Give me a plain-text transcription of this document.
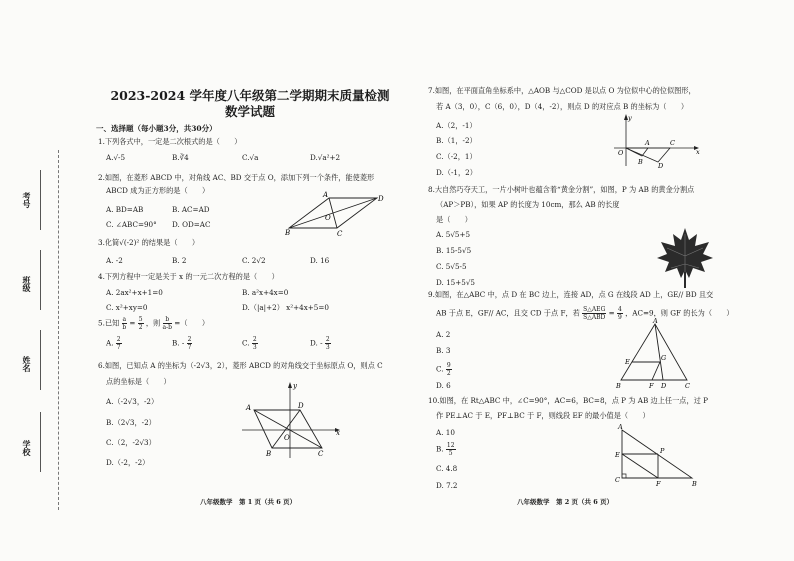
考号
班级
姓名
学校
2023-2024 学年度八年级第二学期期末质量检测
数学试题
一、选择题（每小题3分，共30分）
1.下列各式中，一定是二次根式的是（　　）
A.√-5	B.∛4	C.√a	D.√a²+2
2.如图，在菱形 ABCD 中，对角线 AC、BD 交于点 O，添加下列一个条件，能使菱形
ABCD 成为正方形的是（　　）
A. BD=AB	B. AC=AD
C. ∠ABC=90° D. OD=AC
A	D
B	C
O
3.化简√(-2)² 的结果是（　　）
A. -2	B. 2	C. 2√2	D. 16
4.下列方程中一定是关于 x 的一元二次方程的是（　　）
A. 2ax²+x+1=0	B. a²x+4x=0
C. x²+xy=0	D.（|a|+2） x²+4x+5=0
5.已知 $\frac{a}{b} = \frac{5}{2}$ ，则 $\frac{b}{a-b}$ =（　　）
A. $\frac{2}{7}$	B. - $\frac{2}{7}$	C. $\frac{2}{3}$	D. - $\frac{2}{3}$
6.如图，已知点 A 的坐标为（-2√3，2），菱形 ABCD 的对角线交于坐标原点 O，则点 C
点的坐标是（　　）
A.（-2√3，-2）
B.（2√3，-2）
C.（2，-2√3）
D.（-2，-2）
A	D
B	C
O
x
y
八年级数学　第 1 页（共 6 页）
7.如图，在平面直角坐标系中，△AOB 与△COD 是以点 O 为位似中心的位似图形，
若 A（3，0），C（6，0），D（4，-2），则点 D 的对应点 B 的坐标为（　　）
A.（2，-1）
B.（1，-2）
C.（-2，1）
D.（-1，2）
y
x
O
A	C
B D
8.大自然巧夺天工，一片小树叶也蕴含着“黄金分割”，如图，P 为 AB 的黄金分割点
（AP＞PB），如果 AP 的长度为 10cm，那么 AB 的长度
是（　　）
A. 5√5+5
B. 15-5√5
C. 5√5-5
D. 15+5√5
9.如图，在△ABC 中，点 D 在 BC 边上，连接 AD，点 G 在线段 AD 上，GE// BD 且交
AB 于点 E，GF// AC，且交 CD 于点 F，若 $\frac{\text{S△AEG}}{\text{S△ABD}} = \frac{4}{9}$ ，AC=9，则 GF 的长为（　　）
A. 2
B. 3
C. $\frac{9}{2}$
D. 6
A
B	C
D
E
F
G
10.如图，在 Rt△ABC 中，∠C=90°，AC=6，BC=8，点 P 为 AB 边上任一点，过 P
作 PE⊥AC 于 E，PF⊥BC 于 F，则线段 EF 的最小值是（　　）
A. 10
B. $\frac{12}{5}$
C. 4.8
D. 7.2
A
E	P
C	F	B
八年级数学　第 2 页（共 6 页）
